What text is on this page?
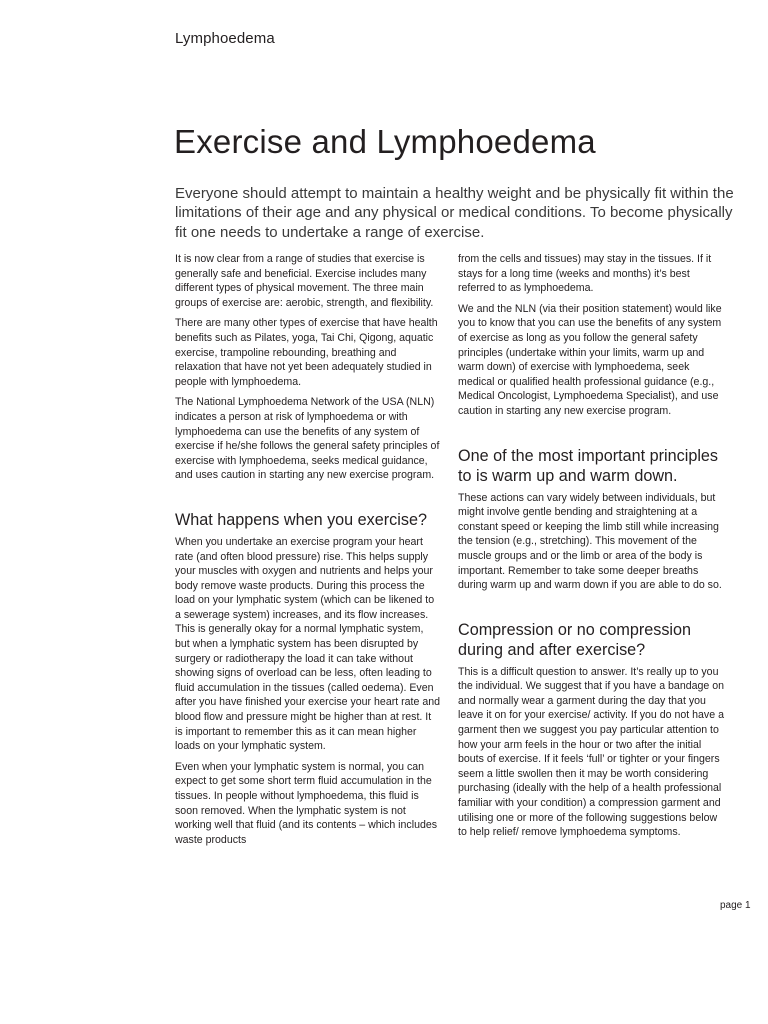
Lymphoedema
Exercise and Lymphoedema

Everyone should attempt to maintain a healthy weight and be physically fit within the limitations of their age and any physical or medical conditions. To become physically fit one needs to undertake a range of exercise.

It is now clear from a range of studies that exercise is generally safe and beneficial. Exercise includes many different types of physical movement. The three main groups of exercise are: aerobic, strength, and flexibility.

There are many other types of exercise that have health benefits such as Pilates, yoga, Tai Chi, Qigong, aquatic exercise, trampoline rebounding, breathing and relaxation that have not yet been adequately studied in people with lymphoedema.

The National Lymphoedema Network of the USA (NLN) indicates a person at risk of lymphoedema or with lymphoedema can use the benefits of any system of exercise if he/she follows the general safety principles of exercise with lymphoedema, seeks medical guidance, and uses caution in starting any new exercise program.

What happens when you exercise?

When you undertake an exercise program your heart rate (and often blood pressure) rise. This helps supply your muscles with oxygen and nutrients and helps your body remove waste products. During this process the load on your lymphatic system (which can be likened to a sewerage system) increases, and its flow increases. This is generally okay for a normal lymphatic system, but when a lymphatic system has been disrupted by surgery or radiotherapy the load it can take without showing signs of overload can be less, often leading to fluid accumulation in the tissues (called oedema). Even after you have finished your exercise your heart rate and blood flow and pressure might be higher than at rest. It is important to remember this as it can mean higher loads on your lymphatic system.

Even when your lymphatic system is normal, you can expect to get some short term fluid accumulation in the tissues. In people without lymphoedema, this fluid is soon removed. When the lymphatic system is not working well that fluid (and its contents – which includes waste products

from the cells and tissues) may stay in the tissues. If it stays for a long time (weeks and months) it’s best referred to as lymphoedema.

We and the NLN (via their position statement) would like you to know that you can use the benefits of any system of exercise as long as you follow the general safety principles (undertake within your limits, warm up and warm down) of exercise with lymphoedema, seek medical or qualified health professional guidance (e.g., Medical Oncologist, Lymphoedema Specialist), and use caution in starting any new exercise program.

One of the most important principles to is warm up and warm down.

These actions can vary widely between individuals, but might involve gentle bending and straightening at a constant speed or keeping the limb still while increasing the tension (e.g., stretching). This movement of the muscle groups and or the limb or area of the body is important. Remember to take some deeper breaths during warm up and warm down if you are able to do so.

Compression or no compression during and after exercise?

This is a difficult question to answer. It’s really up to you the individual. We suggest that if you have a bandage on and normally wear a garment during the day that you leave it on for your exercise/ activity. If you do not have a garment then we suggest you pay particular attention to how your arm feels in the hour or two after the initial bouts of exercise. If it feels ‘full’ or tighter or your fingers seem a little swollen then it may be worth considering purchasing (ideally with the help of a health professional familiar with your condition) a compression garment and utilising one or more of the following suggestions below to help relief/ remove lymphoedema symptoms.

page 1
